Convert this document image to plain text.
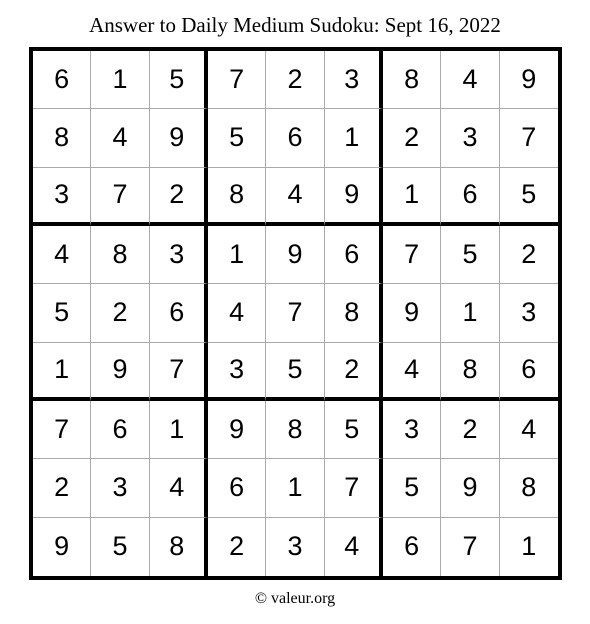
Answer to Daily Medium Sudoku: Sept 16, 2022
6	1	5	7	2	3	8	4	9
8	4	9	5	6	1	2	3	7
3	7	2	8	4	9	1	6	5
4	8	3	1	9	6	7	5	2
5	2	6	4	7	8	9	1	3
1	9	7	3	5	2	4	8	6
7	6	1	9	8	5	3	2	4
2	3	4	6	1	7	5	9	8
9	5	8	2	3	4	6	7	1
© valeur.org
